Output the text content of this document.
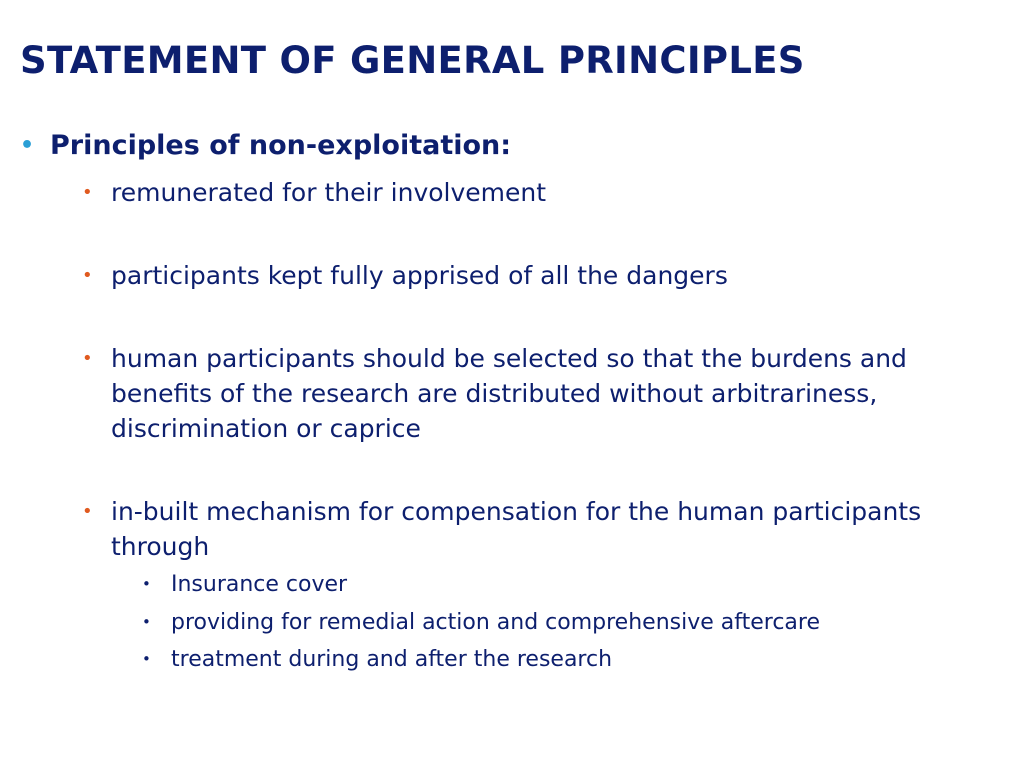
STATEMENT OF GENERAL PRINCIPLES
• Principles of non-exploitation:
• remunerated for their involvement
• participants kept fully apprised of all the dangers
• human participants should be selected so that the burdens and benefits of the research are distributed without arbitrariness, discrimination or caprice
• in-built mechanism for compensation for the human participants through
• Insurance cover
• providing for remedial action and comprehensive aftercare
• treatment during and after the research
